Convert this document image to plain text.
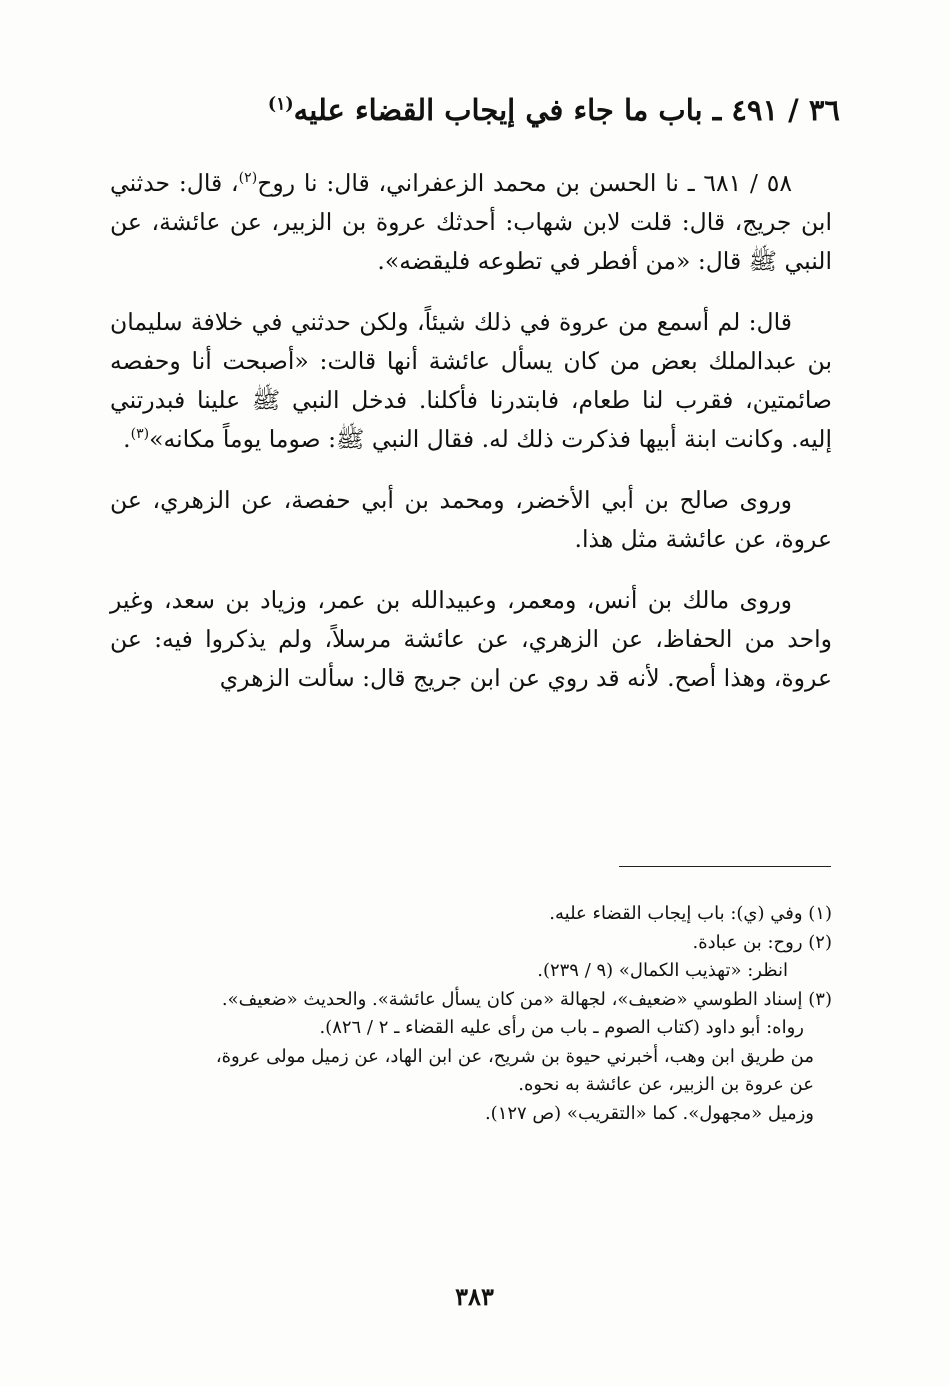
٣٦ / ٤٩١ ـ باب ما جاء في إيجاب القضاء عليه$^{(١)}$

٥٨ / ٦٨١ ـ نا الحسن بن محمد الزعفراني، قال: نا روح$^{(٢)}$، قال: حدثني ابن جريج، قال: قلت لابن شهاب: أحدثك عروة بن الزبير، عن عائشة، عن النبي ﷺ قال: «من أفطر في تطوعه فليقضه».

قال: لم أسمع من عروة في ذلك شيئاً، ولكن حدثني في خلافة سليمان بن عبدالملك بعض من كان يسأل عائشة أنها قالت: «أصبحت أنا وحفصه صائمتين، فقرب لنا طعام، فابتدرنا فأكلنا. فدخل النبي ﷺ علينا فبدرتني إليه. وكانت ابنة أبيها فذكرت ذلك له. فقال النبي ﷺ: صوما يوماً مكانه»$^{(٣)}$.

وروى صالح بن أبي الأخضر، ومحمد بن أبي حفصة، عن الزهري، عن عروة، عن عائشة مثل هذا.

وروى مالك بن أنس، ومعمر، وعبيدالله بن عمر، وزياد بن سعد، وغير واحد من الحفاظ، عن الزهري، عن عائشة مرسلاً، ولم يذكروا فيه: عن عروة، وهذا أصح. لأنه قد روي عن ابن جريج قال: سألت الزهري

(١) وفي (ي): باب إيجاب القضاء عليه.
(٢) روح: بن عبادة.
انظر: «تهذيب الكمال» (٩ / ٢٣٩).
(٣) إسناد الطوسي «ضعيف»، لجهالة «من كان يسأل عائشة». والحديث «ضعيف».
رواه: أبو داود (كتاب الصوم ـ باب من رأى عليه القضاء ـ ٢ / ٨٢٦).
من طريق ابن وهب، أخبرني حيوة بن شريح، عن ابن الهاد، عن زميل مولى عروة،
عن عروة بن الزبير، عن عائشة به نحوه.
وزميل «مجهول». كما «التقريب» (ص ١٢٧).
٣٨٣
